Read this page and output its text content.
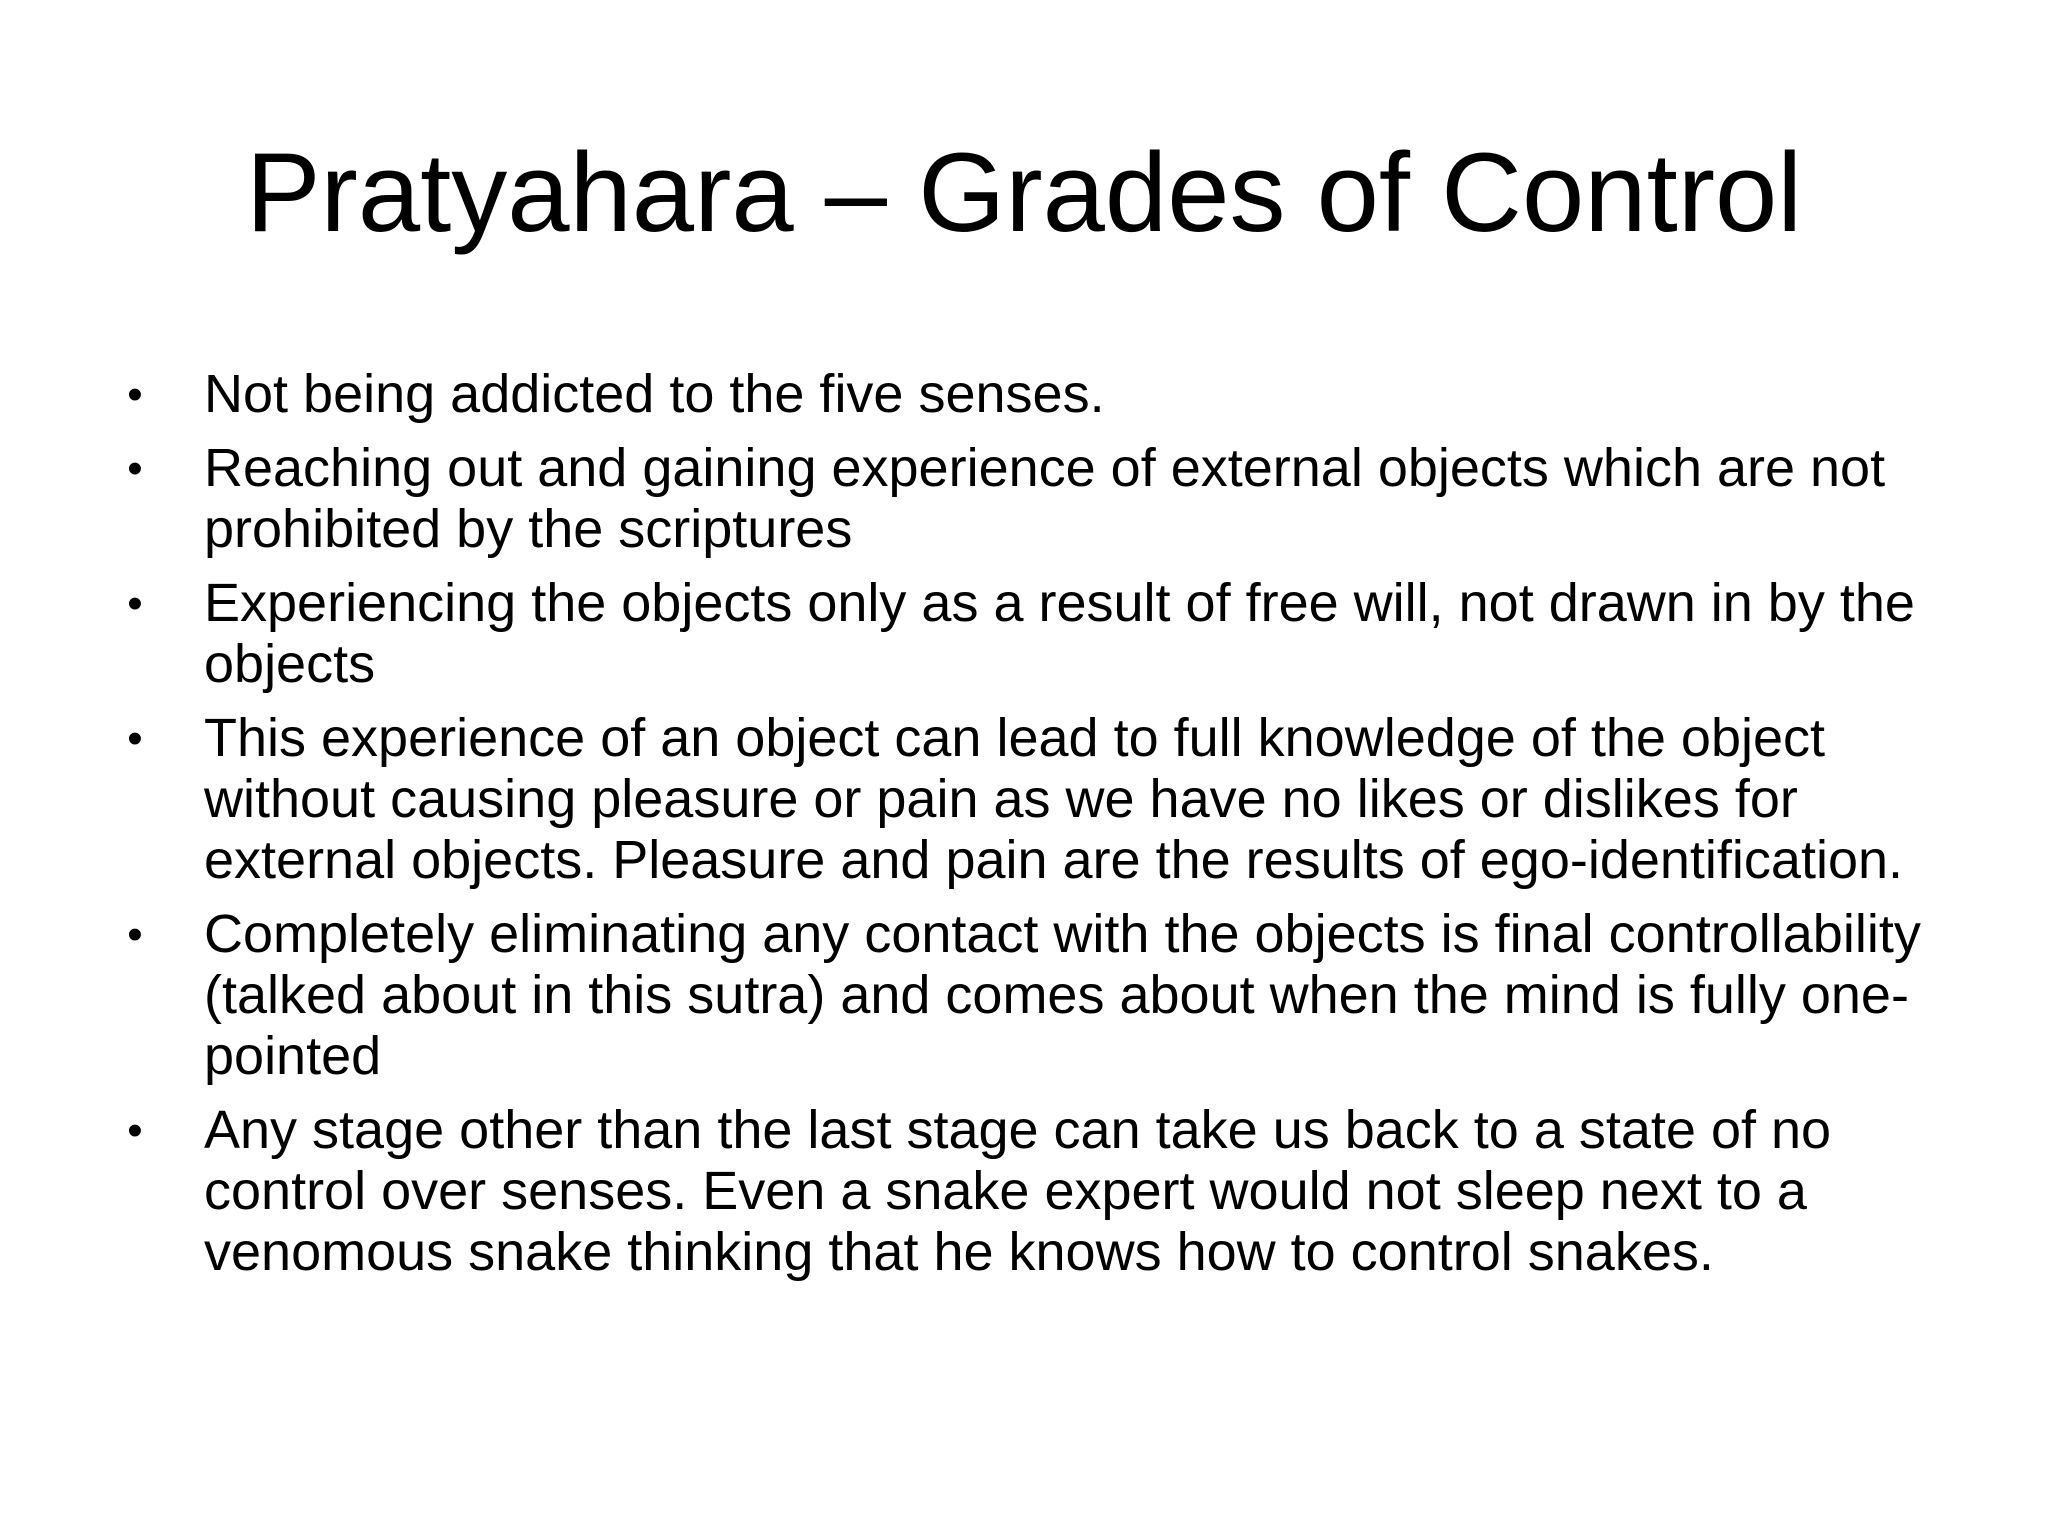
Pratyahara – Grades of Control
• Not being addicted to the five senses.
• Reaching out and gaining experience of external objects which are not prohibited by the scriptures
• Experiencing the objects only as a result of free will, not drawn in by the objects
• This experience of an object can lead to full knowledge of the object without causing pleasure or pain as we have no likes or dislikes for external objects. Pleasure and pain are the results of ego-identification.
• Completely eliminating any contact with the objects is final controllability (talked about in this sutra) and comes about when the mind is fully one-pointed
• Any stage other than the last stage can take us back to a state of no control over senses. Even a snake expert would not sleep next to a venomous snake thinking that he knows how to control snakes.
